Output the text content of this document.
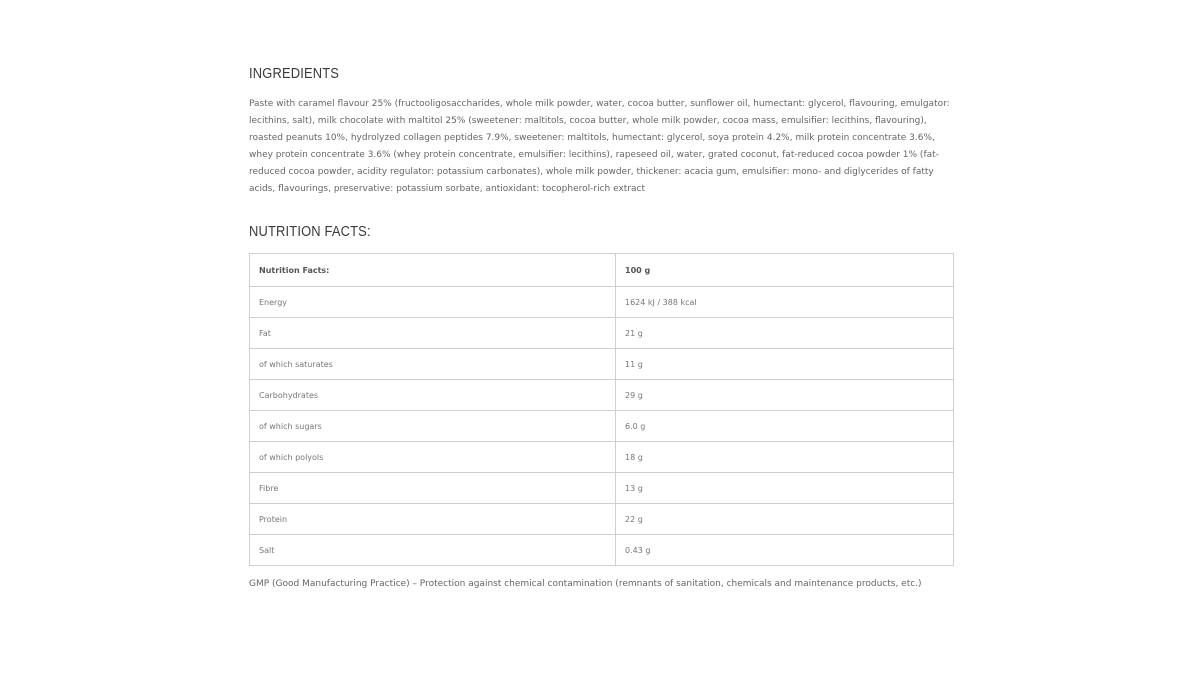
INGREDIENTS

Paste with caramel flavour 25% (fructooligosaccharides, whole milk powder, water, cocoa butter, sunflower oil, humectant: glycerol, flavouring, emulgator: lecithins, salt), milk chocolate with maltitol 25% (sweetener: maltitols, cocoa butter, whole milk powder, cocoa mass, emulsifier: lecithins, flavouring), roasted peanuts 10%, hydrolyzed collagen peptides 7.9%, sweetener: maltitols, humectant: glycerol, soya protein 4.2%, milk protein concentrate 3.6%, whey protein concentrate 3.6% (whey protein concentrate, emulsifier: lecithins), rapeseed oil, water, grated coconut, fat-reduced cocoa powder 1% (fat-reduced cocoa powder, acidity regulator: potassium carbonates), whole milk powder, thickener: acacia gum, emulsifier: mono- and diglycerides of fatty acids, flavourings, preservative: potassium sorbate, antioxidant: tocopherol-rich extract

NUTRITION FACTS:
Nutrition Facts:	100 g
Energy	1624 kJ / 388 kcal
Fat	21 g
of which saturates	11 g
Carbohydrates	29 g
of which sugars	6.0 g
of which polyols	18 g
Fibre	13 g
Protein	22 g
Salt	0.43 g

GMP (Good Manufacturing Practice) – Protection against chemical contamination (remnants of sanitation, chemicals and maintenance products, etc.)
